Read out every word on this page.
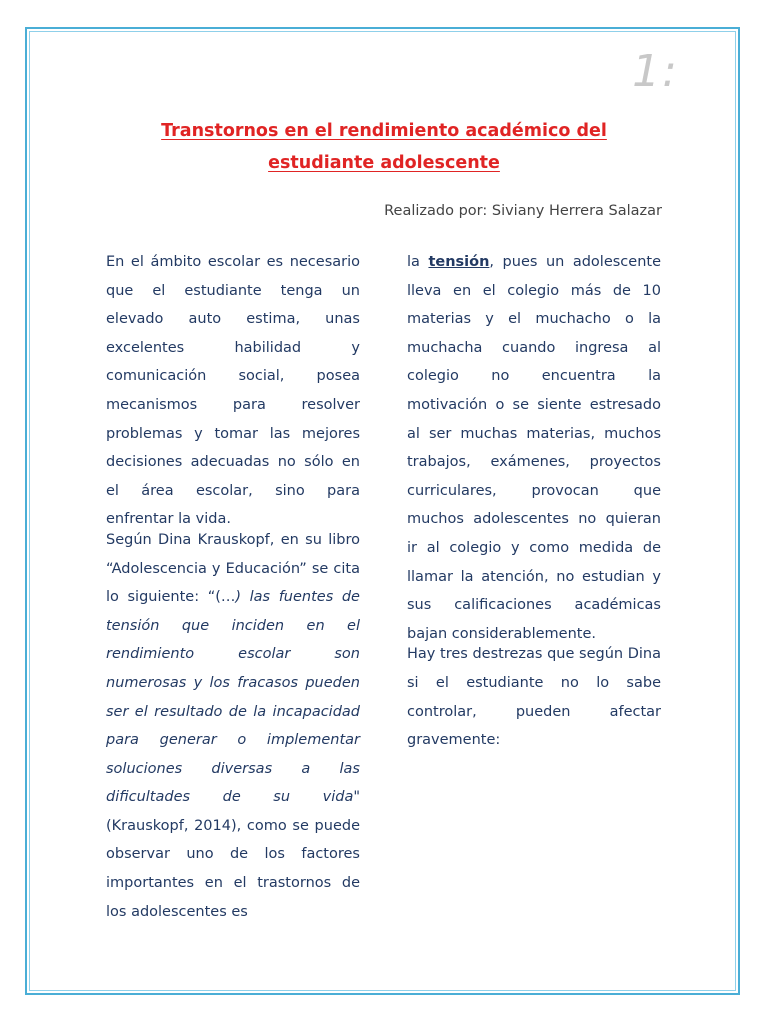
1:
Transtornos en el rendimiento académico del
estudiante adolescente
Realizado por: Siviany Herrera Salazar

En el ámbito escolar es necesario que el estudiante tenga un elevado auto estima, unas excelentes habilidad y comunicación social, posea mecanismos para resolver problemas y tomar las mejores decisiones adecuadas no sólo en el área escolar, sino para enfrentar la vida.

Según Dina Krauskopf, en su libro “Adolescencia y Educación” se cita lo siguiente: “(…) las fuentes de tensión que inciden en el rendimiento escolar son numerosas y los fracasos pueden ser el resultado de la incapacidad para generar o implementar soluciones diversas a las dificultades de su vida" (Krauskopf, 2014), como se puede observar uno de los factores importantes en el trastornos de los adolescentes es

la tensión, pues un adolescente lleva en el colegio más de 10 materias y el muchacho o la muchacha cuando ingresa al colegio no encuentra la motivación o se siente estresado al ser muchas materias, muchos trabajos, exámenes, proyectos curriculares, provocan que muchos adolescentes no quieran ir al colegio y como medida de llamar la atención, no estudian y sus calificaciones académicas bajan considerablemente.

Hay tres destrezas que según Dina si el estudiante no lo sabe controlar, pueden afectar gravemente:
